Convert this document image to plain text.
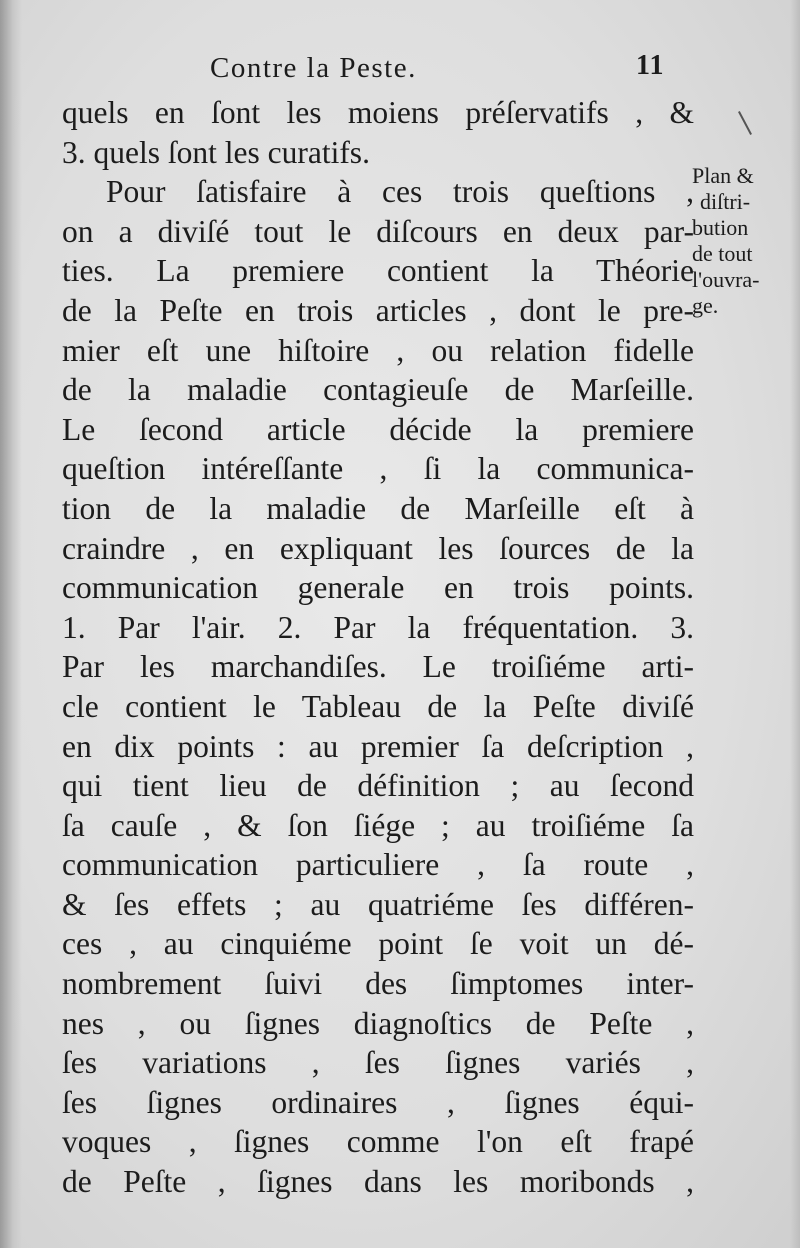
Contre la Peste.	11
quels en ſont les moiens préſervatifs , &
3. quels ſont les curatifs.
Pour ſatisfaire à ces trois queſtions ,
on a diviſé tout le diſcours en deux par-
ties. La premiere contient la Théorie
de la Peſte en trois articles , dont le pre-
mier eſt une hiſtoire , ou relation fidelle
de la maladie contagieuſe de Marſeille.
Le ſecond article décide la premiere
queſtion intéreſſante , ſi la communica-
tion de la maladie de Marſeille eſt à
craindre , en expliquant les ſources de la
communication generale en trois points.
1. Par l'air. 2. Par la fréquentation. 3.
Par les marchandiſes. Le troiſiéme arti-
cle contient le Tableau de la Peſte diviſé
en dix points : au premier ſa deſcription ,
qui tient lieu de définition ; au ſecond
ſa cauſe , & ſon ſiége ; au troiſiéme ſa
communication particuliere , ſa route ,
& ſes effets ; au quatriéme ſes différen-
ces , au cinquiéme point ſe voit un dé-
nombrement ſuivi des ſimptomes inter-
nes , ou ſignes diagnoſtics de Peſte ,
ſes variations , ſes ſignes variés ,
ſes ſignes ordinaires , ſignes équi-
voques , ſignes comme l'on eſt frapé
de Peſte , ſignes dans les moribonds ,
Plan &
diſtri-
bution
de tout
l'ouvra-
ge.
